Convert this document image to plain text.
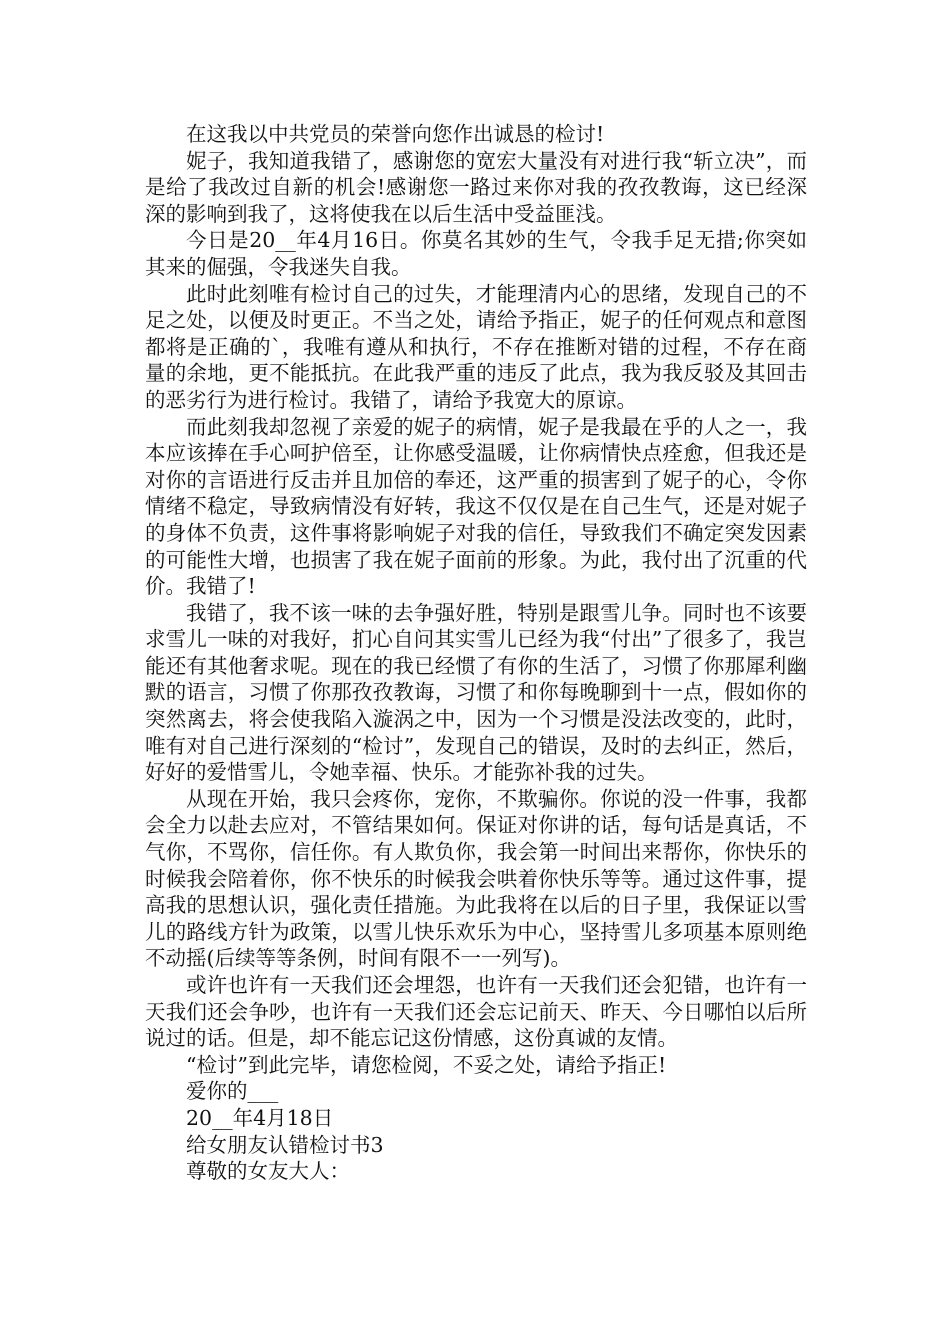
在这我以中共党员的荣誉向您作出诚恳的检讨!

妮子，我知道我错了，感谢您的宽宏大量没有对进行我“斩立决”，而是给了我改过自新的机会!感谢您一路过来你对我的孜孜教诲，这已经深深的影响到我了，这将使我在以后生活中受益匪浅。

今日是20__年4月16日。你莫名其妙的生气，令我手足无措;你突如其来的倔强，令我迷失自我。

此时此刻唯有检讨自己的过失，才能理清内心的思绪，发现自己的不足之处，以便及时更正。不当之处，请给予指正，妮子的任何观点和意图都将是正确的`，我唯有遵从和执行，不存在推断对错的过程，不存在商量的余地，更不能抵抗。在此我严重的违反了此点，我为我反驳及其回击的恶劣行为进行检讨。我错了，请给予我宽大的原谅。

而此刻我却忽视了亲爱的妮子的病情，妮子是我最在乎的人之一，我本应该捧在手心呵护倍至，让你感受温暖，让你病情快点痊愈，但我还是对你的言语进行反击并且加倍的奉还，这严重的损害到了妮子的心，令你情绪不稳定，导致病情没有好转，我这不仅仅是在自己生气，还是对妮子的身体不负责，这件事将影响妮子对我的信任，导致我们不确定突发因素的可能性大增，也损害了我在妮子面前的形象。为此，我付出了沉重的代价。我错了!

我错了，我不该一味的去争强好胜，特别是跟雪儿争。同时也不该要求雪儿一味的对我好，扪心自问其实雪儿已经为我“付出”了很多了，我岂能还有其他奢求呢。现在的我已经惯了有你的生活了，习惯了你那犀利幽默的语言，习惯了你那孜孜教诲，习惯了和你每晚聊到十一点，假如你的突然离去，将会使我陷入漩涡之中，因为一个习惯是没法改变的，此时，唯有对自己进行深刻的“检讨”，发现自己的错误，及时的去纠正，然后，好好的爱惜雪儿，令她幸福、快乐。才能弥补我的过失。

从现在开始，我只会疼你，宠你，不欺骗你。你说的没一件事，我都会全力以赴去应对，不管结果如何。保证对你讲的话，每句话是真话，不气你，不骂你，信任你。有人欺负你，我会第一时间出来帮你，你快乐的时候我会陪着你，你不快乐的时候我会哄着你快乐等等。通过这件事，提高我的思想认识，强化责任措施。为此我将在以后的日子里，我保证以雪儿的路线方针为政策，以雪儿快乐欢乐为中心，坚持雪儿多项基本原则绝不动摇(后续等等条例，时间有限不一一列写)。

或许也许有一天我们还会埋怨，也许有一天我们还会犯错，也许有一天我们还会争吵，也许有一天我们还会忘记前天、昨天、今日哪怕以后所说过的话。但是，却不能忘记这份情感，这份真诚的友情。

“检讨”到此完毕，请您检阅，不妥之处，请给予指正!

爱你的___

20__年4月18日

给女朋友认错检讨书3

尊敬的女友大人：
